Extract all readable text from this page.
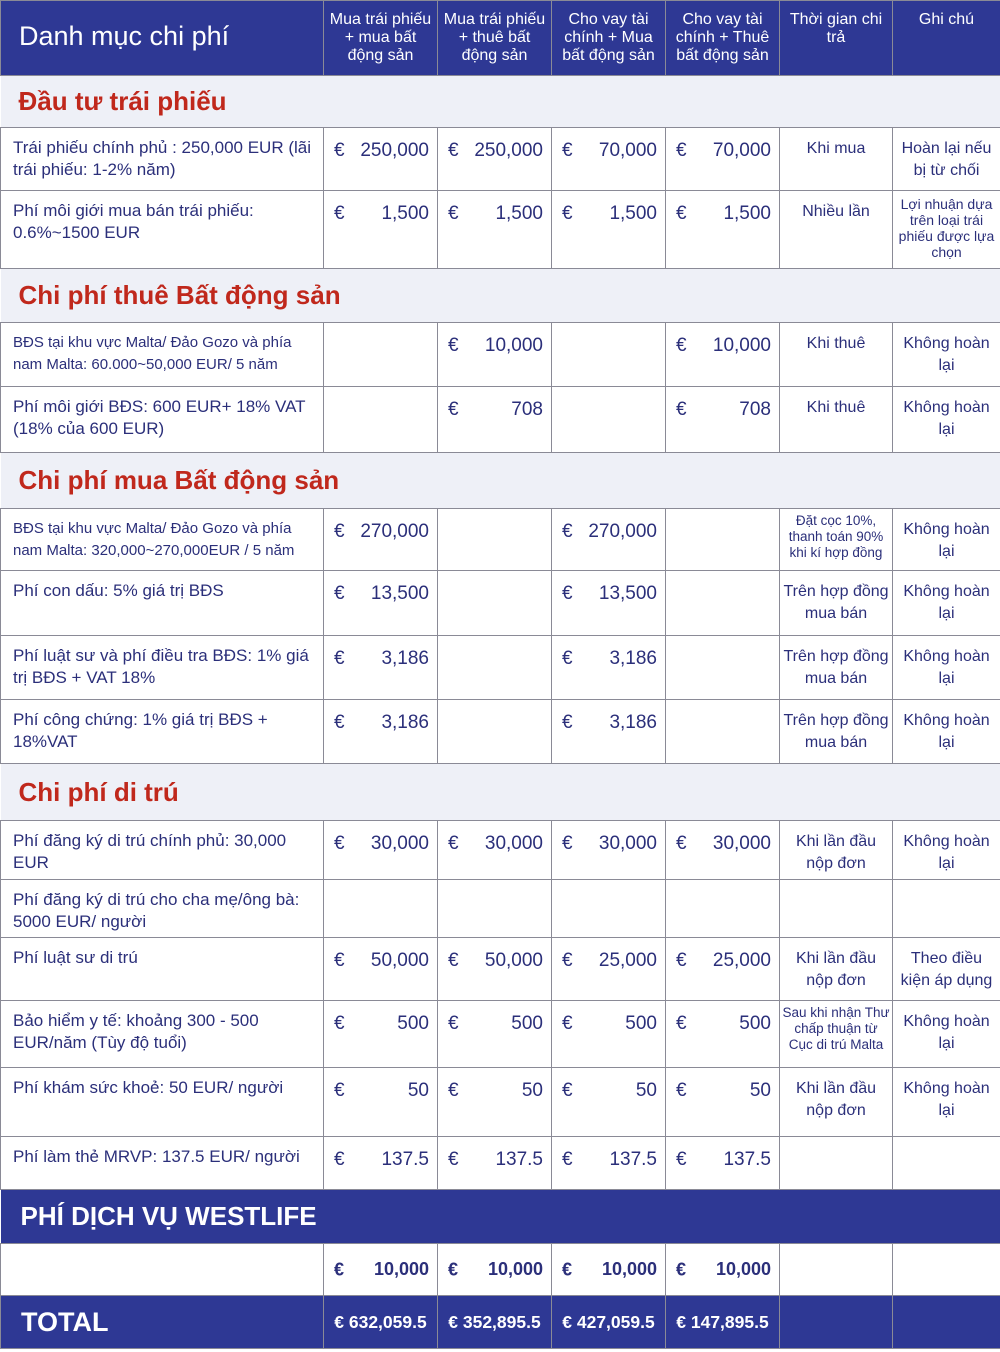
Danh mục chi phí	Mua trái phiếu + mua bất động sản	Mua trái phiếu + thuê bất động sản	Cho vay tài chính + Mua bất động sản	Cho vay tài chính + Thuê bất động sản	Thời gian chi trả	Ghi chú
Đầu tư trái phiếu						
Trái phiếu chính phủ : 250,000 EUR (lãi trái phiếu: 1-2% năm)	€ 250,000	€ 250,000	€ 70,000	€ 70,000	Khi mua	Hoàn lại nếu bị từ chối
Phí môi giới mua bán trái phiếu: 0.6%~1500 EUR	€ 1,500	€ 1,500	€ 1,500	€ 1,500	Nhiều lần	Lợi nhuận dựa trên loại trái phiếu được lựa chọn
Chi phí thuê Bất động sản						
BĐS tại khu vực Malta/ Đảo Gozo và phía nam Malta: 60.000~50,000 EUR/ 5 năm		€ 10,000		€ 10,000	Khi thuê	Không hoàn lại
Phí môi giới BĐS: 600 EUR+ 18% VAT (18% của 600 EUR)		€ 708		€ 708	Khi thuê	Không hoàn lại
Chi phí mua Bất động sản						
BĐS tại khu vực Malta/ Đảo Gozo và phía nam Malta: 320,000~270,000EUR / 5 năm	€ 270,000		€ 270,000		Đặt cọc 10%, thanh toán 90% khi kí hợp đồng	Không hoàn lại
Phí con dấu: 5% giá trị BĐS	€ 13,500		€ 13,500		Trên hợp đồng mua bán	Không hoàn lại
Phí luật sư và phí điều tra BĐS: 1% giá trị BĐS + VAT 18%	€ 3,186		€ 3,186		Trên hợp đồng mua bán	Không hoàn lại
Phí công chứng: 1% giá trị BĐS + 18%VAT	€ 3,186		€ 3,186		Trên hợp đồng mua bán	Không hoàn lại
Chi phí di trú						
Phí đăng ký di trú chính phủ: 30,000 EUR	€ 30,000	€ 30,000	€ 30,000	€ 30,000	Khi lần đầu nộp đơn	Không hoàn lại
Phí đăng ký di trú cho cha mẹ/ông bà: 5000 EUR/ người						
Phí luật sư di trú	€ 50,000	€ 50,000	€ 25,000	€ 25,000	Khi lần đầu nộp đơn	Theo điều kiện áp dụng
Bảo hiểm y tế: khoảng 300 - 500 EUR/năm (Tùy độ tuổi)	€ 500	€ 500	€ 500	€ 500	Sau khi nhận Thư chấp thuận từ Cục di trú Malta	Không hoàn lại
Phí khám sức khoẻ: 50 EUR/ người	€ 50	€ 50	€ 50	€ 50	Khi lần đầu nộp đơn	Không hoàn lại
Phí làm thẻ MRVP: 137.5 EUR/ người	€ 137.5	€ 137.5	€ 137.5	€ 137.5		

PHÍ DỊCH VỤ WESTLIFE						

	€ 10,000	€ 10,000	€ 10,000	€ 10,000		

TOTAL	€ 632,059.5	€ 352,895.5	€ 427,059.5	€ 147,895.5		
